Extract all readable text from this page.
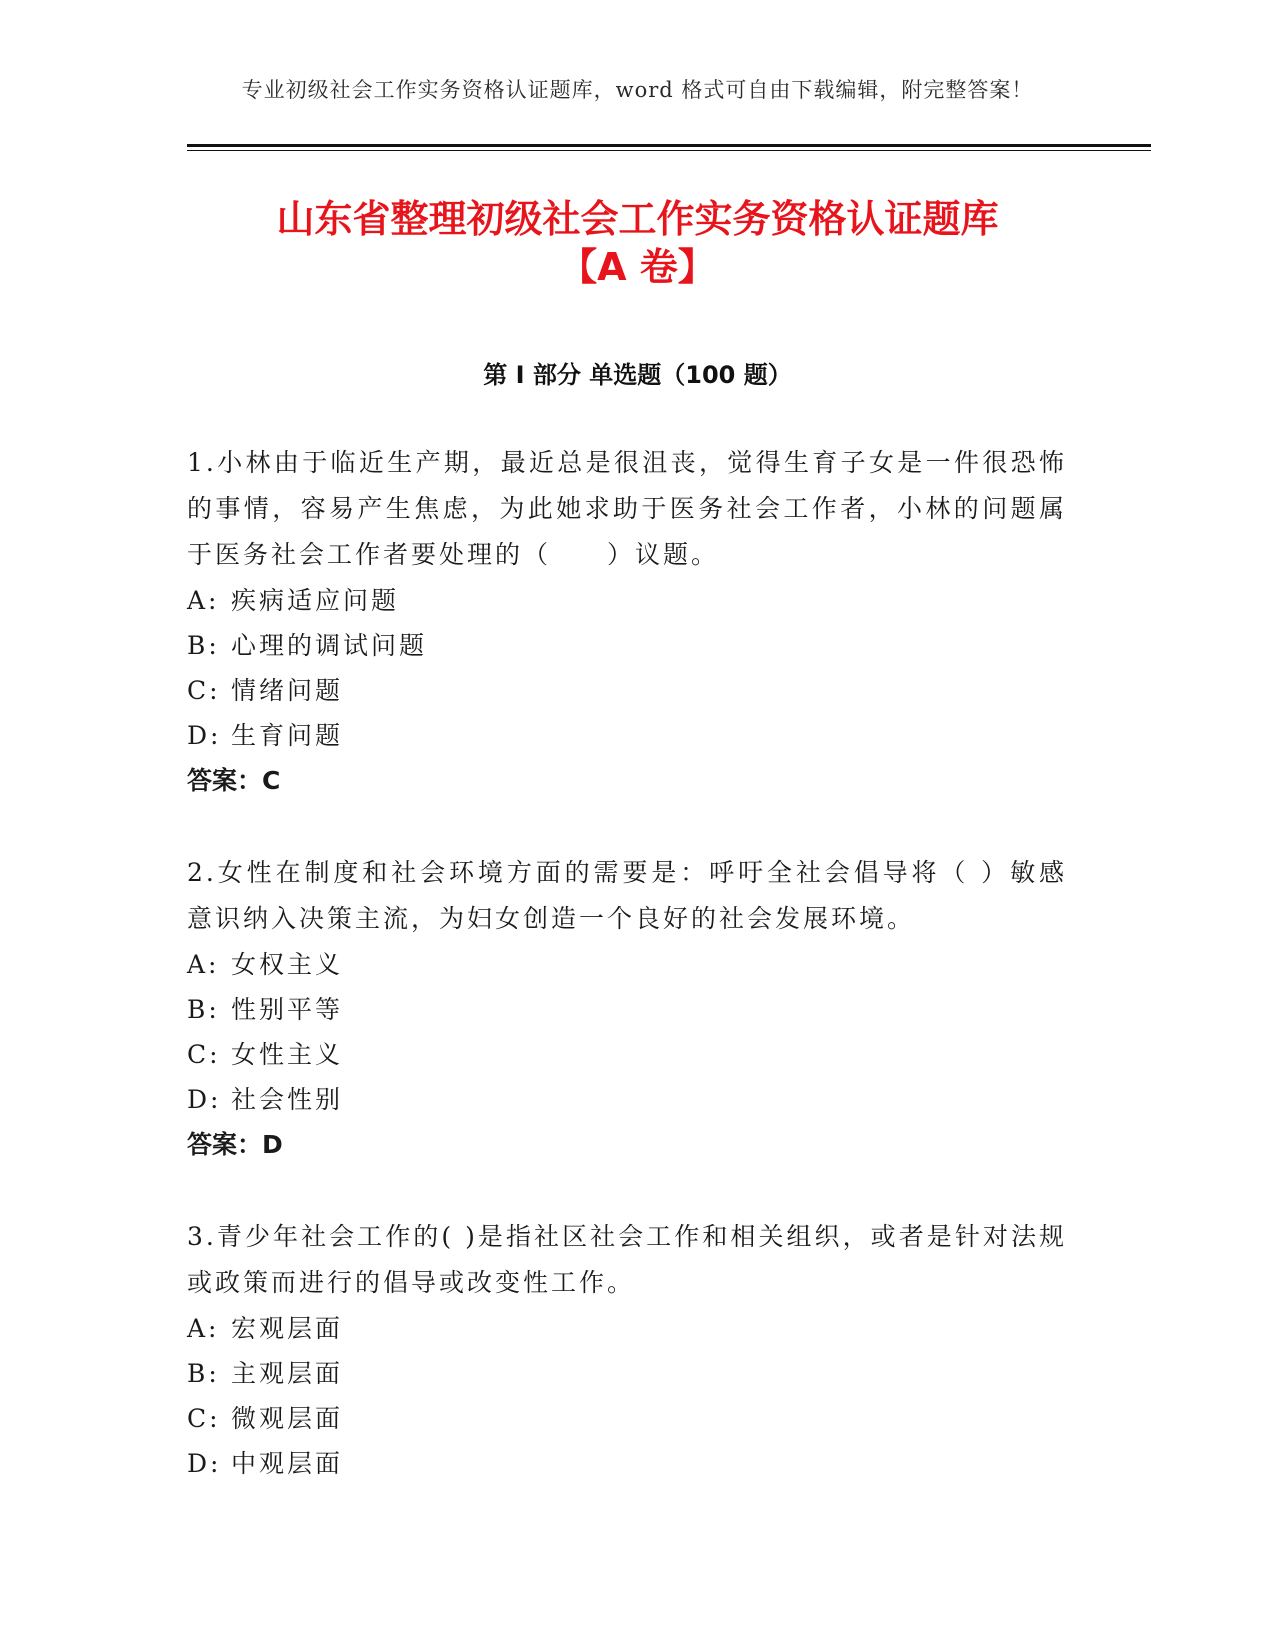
专业初级社会工作实务资格认证题库，word 格式可自由下载编辑，附完整答案！
山东省整理初级社会工作实务资格认证题库
【A 卷】
第 I 部分 单选题（100 题）

1.小林由于临近生产期，最近总是很沮丧，觉得生育子女是一件很恐怖的事情，容易产生焦虑，为此她求助于医务社会工作者，小林的问题属于医务社会工作者要处理的（　　）议题。

A: 疾病适应问题

B: 心理的调试问题

C: 情绪问题

D: 生育问题

答案：C

2.女性在制度和社会环境方面的需要是：呼吁全社会倡导将（ ）敏感意识纳入决策主流，为妇女创造一个良好的社会发展环境。

A: 女权主义

B: 性别平等

C: 女性主义

D: 社会性别

答案：D

3.青少年社会工作的( )是指社区社会工作和相关组织，或者是针对法规或政策而进行的倡导或改变性工作。

A: 宏观层面

B: 主观层面

C: 微观层面

D: 中观层面
